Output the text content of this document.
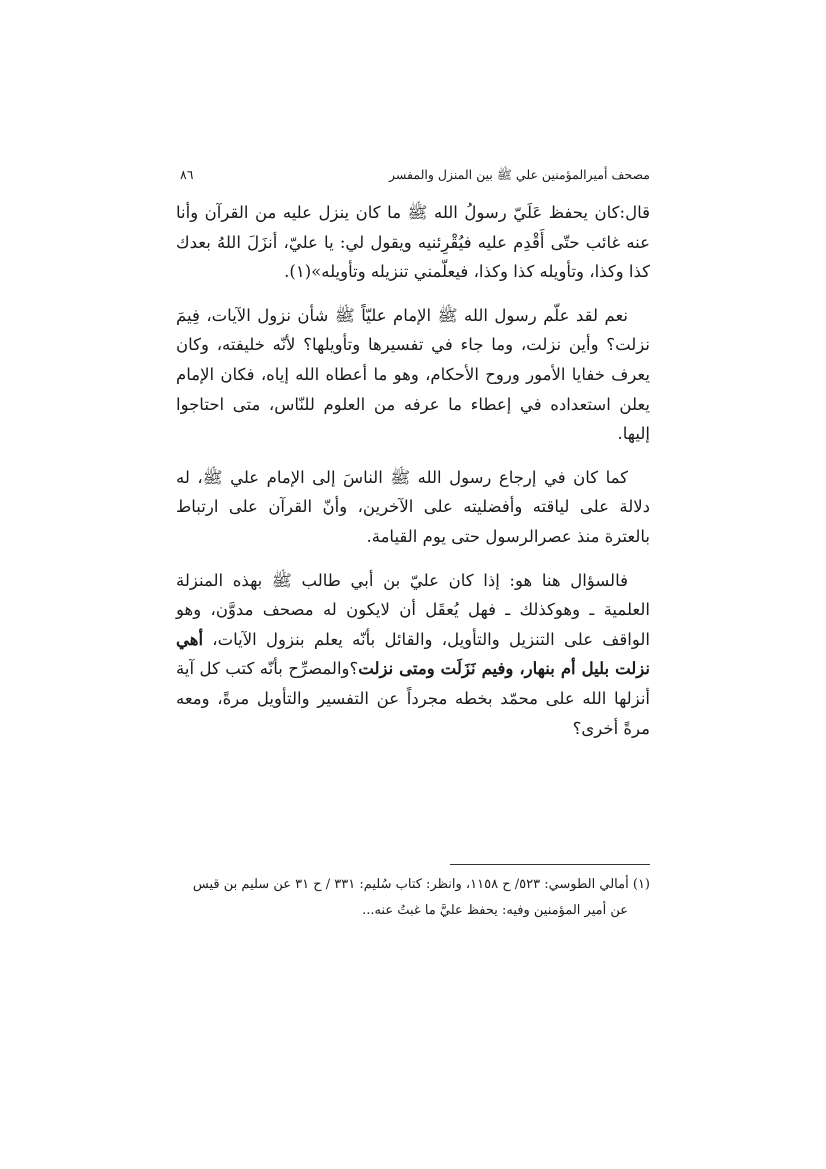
مصحف أميرالمؤمنين علي ﷺ بين المنزل والمفسر
٨٦

قال:كان يحفظ عَلَيّ رسولُ الله ﷺ ما كان ينزل عليه من القرآن وأنا عنه غائب حتّى أَقْدِم عليه فيُقْرِئنيه ويقول لي: يا عليّ، أنزَلَ اللهُ بعدك كذا وكذا، وتأويله كذا وكذا، فيعلّمني تنزيله وتأويله»(١).

نعم لقد علّم رسول الله ﷺ الإمام عليّاً ﷺ شأن نزول الآيات، فِيمَ نزلت؟ وأين نزلت، وما جاء في تفسيرها وتأويلها؟ لأنّه خليفته، وكان يعرف خفايا الأمور وروح الأحكام، وهو ما أعطاه الله إياه، فكان الإمام يعلن استعداده في إعطاء ما عرفه من العلوم للنّاس، متى احتاجوا إليها.

كما كان في إرجاع رسول الله ﷺ الناسَ إلى الإمام علي ﷺ، له دلالة على لياقته وأفضليته على الآخرين، وأنّ القرآن على ارتباط بالعترة منذ عصرالرسول حتى يوم القيامة.

فالسؤال هنا هو: إذا كان عليّ بن أبي طالب ﷺ بهذه المنزلة العلمية ـ وهوكذلك ـ فهل يُعقَل أن لايكون له مصحف مدوَّن، وهو الواقف على التنزيل والتأويل، والقائل بأنّه يعلم بنزول الآيات، أهي نزلت بليل أم بنهار، وفيم نَزَلَت ومتى نزلت؟والمصرِّح بأنّه كتب كل آية أنزلها الله على محمّد بخطه مجرداً عن التفسير والتأويل مرةً، ومعه مرةً أخرى؟

(١) أمالي الطوسي: ٥٢٣/ ح ١١٥٨، وانظر: كتاب سُليم: ٣٣١ / ح ٣١ عن سليم بن قيس
عن أمير المؤمنين وفيه: يحفظ عليَّ ما غبتُ عنه...
